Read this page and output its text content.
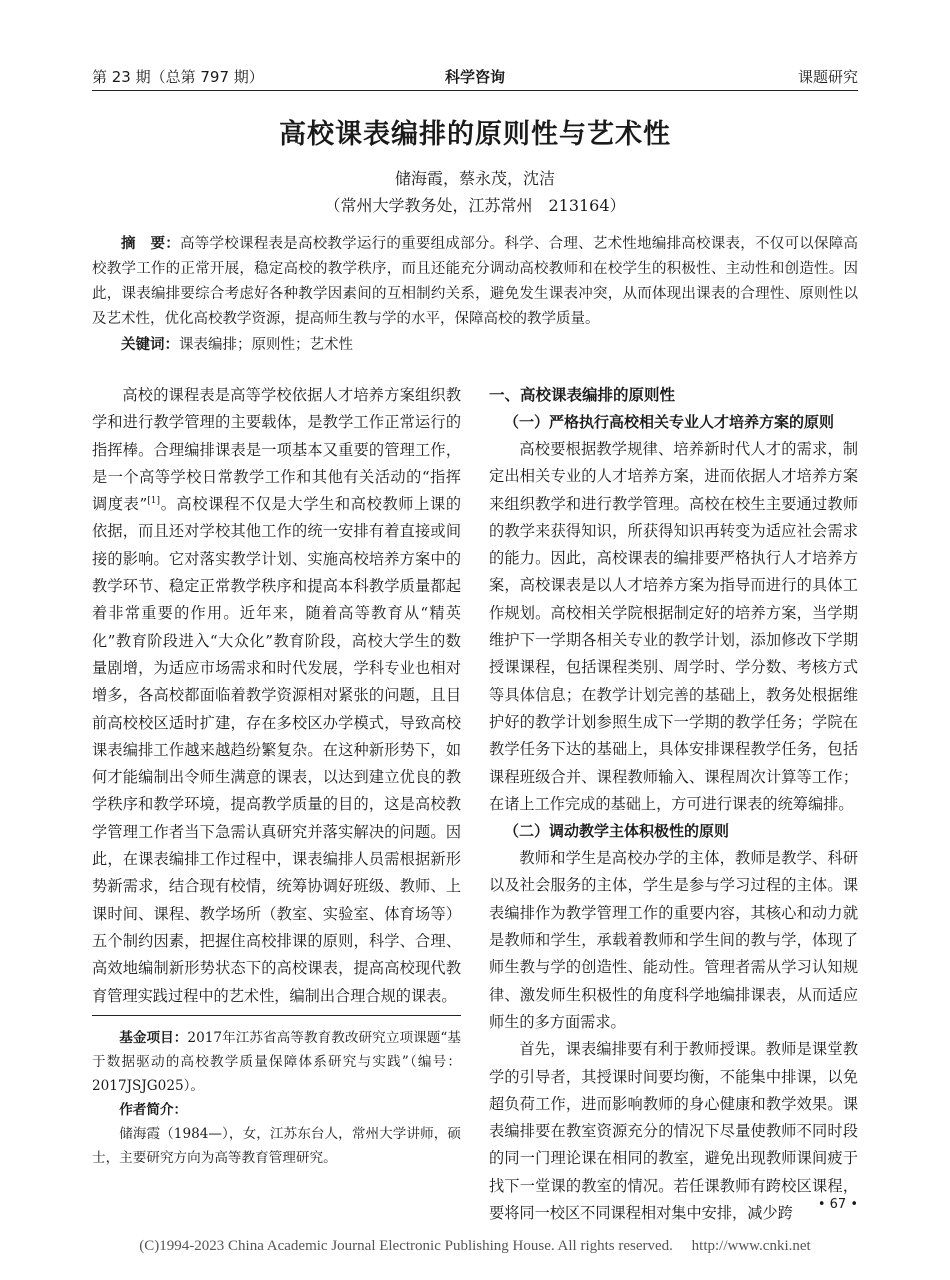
第 23 期（总第 797 期）	科学咨询	课题研究
高校课表编排的原则性与艺术性
储海霞，蔡永茂，沈洁
（常州大学教务处，江苏常州　213164）
摘　要：高等学校课程表是高校教学运行的重要组成部分。科学、合理、艺术性地编排高校课表，不仅可以保障高校教学工作的正常开展，稳定高校的教学秩序，而且还能充分调动高校教师和在校学生的积极性、主动性和创造性。因此，课表编排要综合考虑好各种教学因素间的互相制约关系，避免发生课表冲突，从而体现出课表的合理性、原则性以及艺术性，优化高校教学资源，提高师生教与学的水平，保障高校的教学质量。
关键词：课表编排；原则性；艺术性

高校的课程表是高等学校依据人才培养方案组织教学和进行教学管理的主要载体，是教学工作正常运行的指挥棒。合理编排课表是一项基本又重要的管理工作，是一个高等学校日常教学工作和其他有关活动的“指挥调度表”[1]。高校课程不仅是大学生和高校教师上课的依据，而且还对学校其他工作的统一安排有着直接或间接的影响。它对落实教学计划、实施高校培养方案中的教学环节、稳定正常教学秩序和提高本科教学质量都起着非常重要的作用。近年来，随着高等教育从“精英化”教育阶段进入“大众化”教育阶段，高校大学生的数量剧增，为适应市场需求和时代发展，学科专业也相对增多，各高校都面临着教学资源相对紧张的问题，且目前高校校区适时扩建，存在多校区办学模式，导致高校课表编排工作越来越趋纷繁复杂。在这种新形势下，如何才能编制出令师生满意的课表，以达到建立优良的教学秩序和教学环境，提高教学质量的目的，这是高校教学管理工作者当下急需认真研究并落实解决的问题。因此，在课表编排工作过程中，课表编排人员需根据新形势新需求，结合现有校情，统筹协调好班级、教师、上课时间、课程、教学场所（教室、实验室、体育场等）五个制约因素，把握住高校排课的原则，科学、合理、高效地编制新形势状态下的高校课表，提高高校现代教育管理实践过程中的艺术性，编制出合理合规的课表。

基金项目：2017年江苏省高等教育教改研究立项课题“基于数据驱动的高校教学质量保障体系研究与实践”（编号：2017JSJG025）。

作者简介：

储海霞（1984—），女，江苏东台人，常州大学讲师，硕士，主要研究方向为高等教育管理研究。

一、高校课表编排的原则性
（一）严格执行高校相关专业人才培养方案的原则

高校要根据教学规律、培养新时代人才的需求，制定出相关专业的人才培养方案，进而依据人才培养方案来组织教学和进行教学管理。高校在校生主要通过教师的教学来获得知识，所获得知识再转变为适应社会需求的能力。因此，高校课表的编排要严格执行人才培养方案，高校课表是以人才培养方案为指导而进行的具体工作规划。高校相关学院根据制定好的培养方案，当学期维护下一学期各相关专业的教学计划，添加修改下学期授课课程，包括课程类别、周学时、学分数、考核方式等具体信息；在教学计划完善的基础上，教务处根据维护好的教学计划参照生成下一学期的教学任务；学院在教学任务下达的基础上，具体安排课程教学任务，包括课程班级合并、课程教师输入、课程周次计算等工作；在诸上工作完成的基础上，方可进行课表的统筹编排。

（二）调动教学主体积极性的原则

教师和学生是高校办学的主体，教师是教学、科研以及社会服务的主体，学生是参与学习过程的主体。课表编排作为教学管理工作的重要内容，其核心和动力就是教师和学生，承载着教师和学生间的教与学，体现了师生教与学的创造性、能动性。管理者需从学习认知规律、激发师生积极性的角度科学地编排课表，从而适应师生的多方面需求。

首先，课表编排要有利于教师授课。教师是课堂教学的引导者，其授课时间要均衡，不能集中排课，以免超负荷工作，进而影响教师的身心健康和教学效果。课表编排要在教室资源充分的情况下尽量使教师不同时段的同一门理论课在相同的教室，避免出现教师课间疲于找下一堂课的教室的情况。若任课教师有跨校区课程，要将同一校区不同课程相对集中安排，减少跨	• 67 •
(C)1994-2023 China Academic Journal Electronic Publishing House. All rights reserved.　 http://www.cnki.net
